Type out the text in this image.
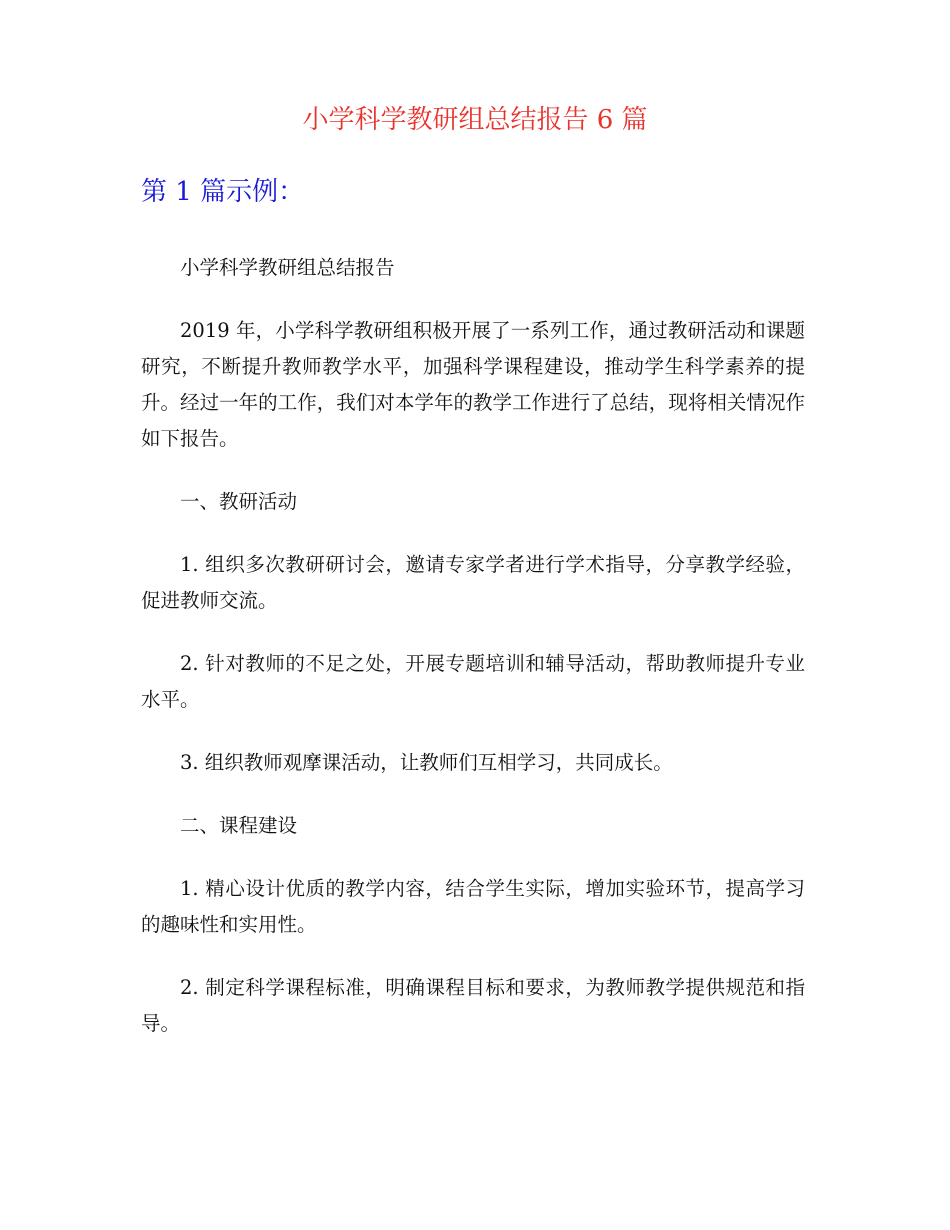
小学科学教研组总结报告 6 篇
第 1 篇示例：

小学科学教研组总结报告

2019 年，小学科学教研组积极开展了一系列工作，通过教研活动和课题研究，不断提升教师教学水平，加强科学课程建设，推动学生科学素养的提升。经过一年的工作，我们对本学年的教学工作进行了总结，现将相关情况作如下报告。

一、教研活动

1. 组织多次教研研讨会，邀请专家学者进行学术指导，分享教学经验，促进教师交流。

2. 针对教师的不足之处，开展专题培训和辅导活动，帮助教师提升专业水平。

3. 组织教师观摩课活动，让教师们互相学习，共同成长。

二、课程建设

1. 精心设计优质的教学内容，结合学生实际，增加实验环节，提高学习的趣味性和实用性。

2. 制定科学课程标准，明确课程目标和要求，为教师教学提供规范和指导。
